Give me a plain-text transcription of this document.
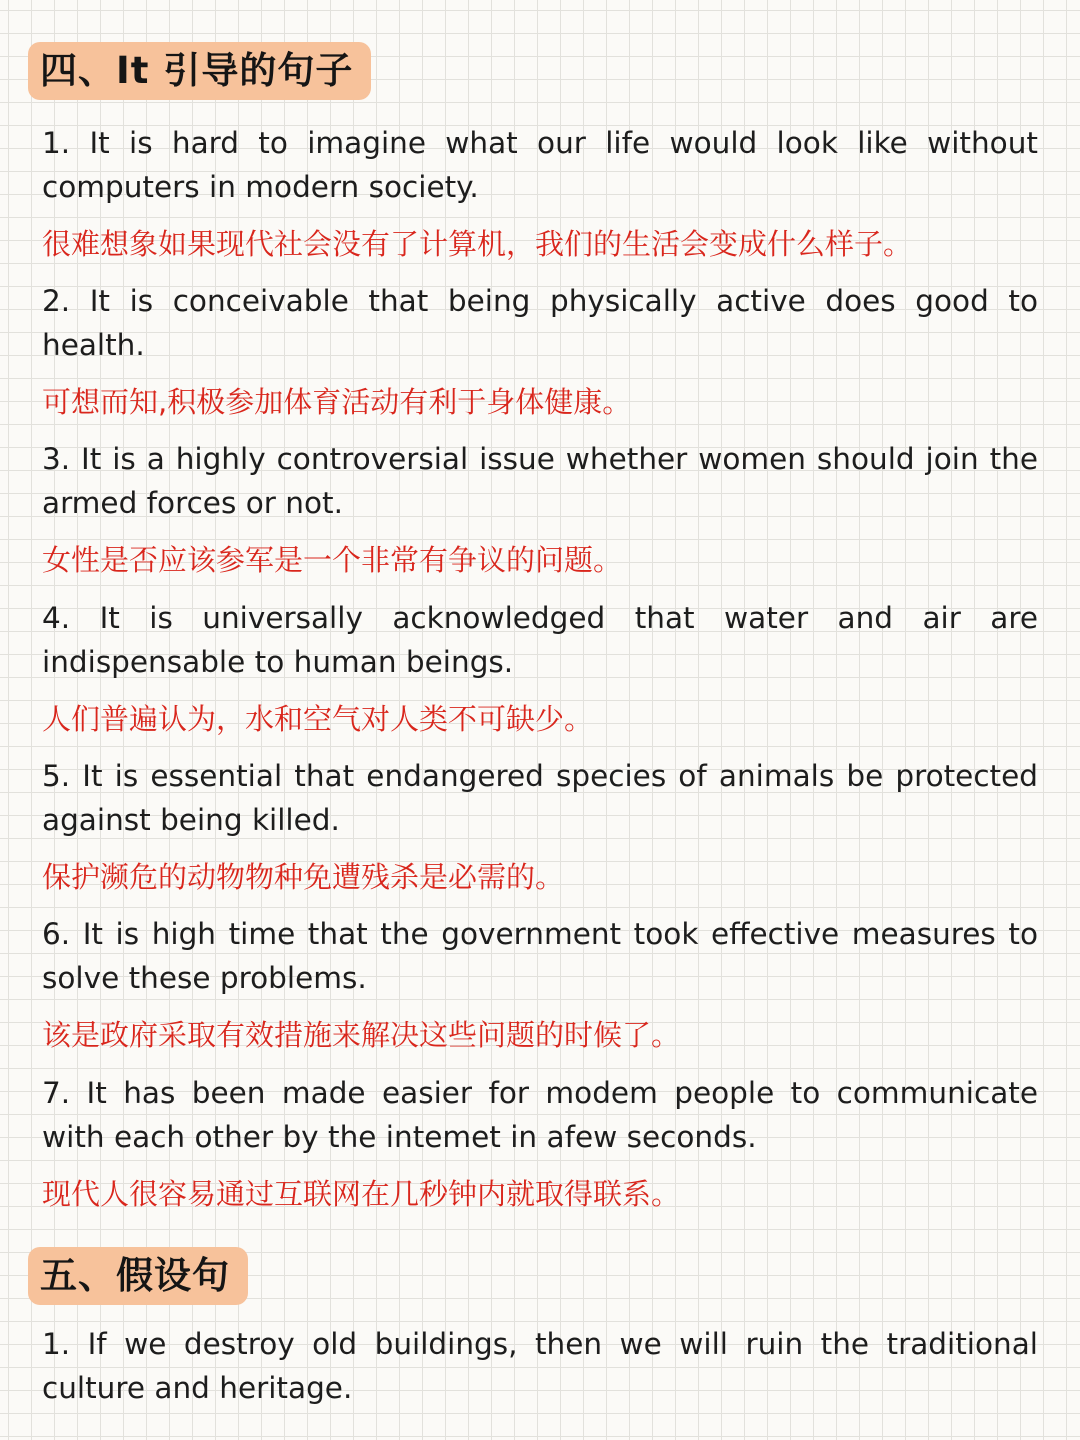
四、It 引导的句子

1. It is hard to imagine what our life would look like without computers in modern society.

很难想象如果现代社会没有了计算机，我们的生活会变成什么样子。

2. It is conceivable that being physically active does good to health.

可想而知,积极参加体育活动有利于身体健康。

3. It is a highly controversial issue whether women should join the armed forces or not.

女性是否应该参军是一个非常有争议的问题。

4. It is universally acknowledged that water and air are indispensable to human beings.

人们普遍认为，水和空气对人类不可缺少。

5. It is essential that endangered species of animals be protected against being killed.

保护濒危的动物物种免遭残杀是必需的。

6. It is high time that the government took effective measures to solve these problems.

该是政府采取有效措施来解决这些问题的时候了。

7. It has been made easier for modem people to communicate with each other by the intemet in afew seconds.

现代人很容易通过互联网在几秒钟内就取得联系。

五、假设句

1. If we destroy old buildings, then we will ruin the traditional culture and heritage.
